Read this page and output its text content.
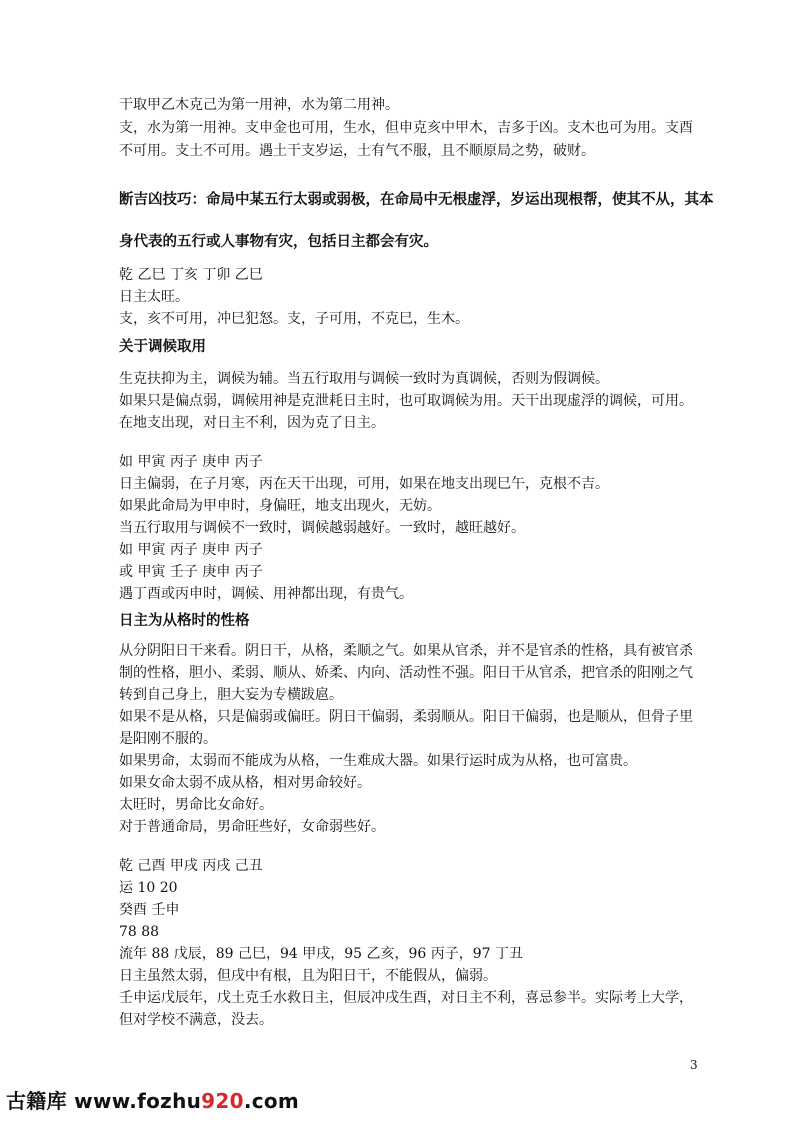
干取甲乙木克己为第一用神，水为第二用神。
支，水为第一用神。支申金也可用，生水，但申克亥中甲木，吉多于凶。支木也可为用。支酉
不可用。支土不可用。遇土干支岁运，土有气不服，且不顺原局之势，破财。
断吉凶技巧：命局中某五行太弱或弱极，在命局中无根虚浮，岁运出现根帮，使其不从，其本
身代表的五行或人事物有灾，包括日主都会有灾。
乾 乙巳 丁亥 丁卯 乙巳
日主太旺。
支，亥不可用，冲巳犯怒。支，子可用，不克巳，生木。
关于调候取用
生克扶抑为主，调候为辅。当五行取用与调候一致时为真调候，否则为假调候。
如果只是偏点弱，调候用神是克泄耗日主时，也可取调候为用。天干出现虚浮的调候，可用。
在地支出现，对日主不利，因为克了日主。
如 甲寅 丙子 庚申 丙子
日主偏弱，在子月寒，丙在天干出现，可用，如果在地支出现巳午，克根不吉。
如果此命局为甲申时，身偏旺，地支出现火，无妨。
当五行取用与调候不一致时，调候越弱越好。一致时，越旺越好。
如 甲寅 丙子 庚申 丙子
或 甲寅 壬子 庚申 丙子
遇丁酉或丙申时，调候、用神都出现，有贵气。
日主为从格时的性格
从分阴阳日干来看。阴日干，从格，柔顺之气。如果从官杀，并不是官杀的性格，具有被官杀
制的性格，胆小、柔弱、顺从、娇柔、内向、活动性不强。阳日干从官杀，把官杀的阳刚之气
转到自己身上，胆大妄为专横跋扈。
如果不是从格，只是偏弱或偏旺。阴日干偏弱，柔弱顺从。阳日干偏弱，也是顺从，但骨子里
是阳刚不服的。
如果男命，太弱而不能成为从格，一生难成大器。如果行运时成为从格，也可富贵。
如果女命太弱不成从格，相对男命较好。
太旺时，男命比女命好。
对于普通命局，男命旺些好，女命弱些好。
乾 己酉 甲戌 丙戌 己丑
运 10 20
癸酉 壬申
78 88
流年 88 戊辰，89 己巳，94 甲戌，95 乙亥，96 丙子，97 丁丑
日主虽然太弱，但戌中有根，且为阳日干，不能假从，偏弱。
壬申运戊辰年，戊土克壬水救日主，但辰冲戌生酉，对日主不利，喜忌参半。实际考上大学，
但对学校不满意，没去。
3
古籍库 www.fozhu920.com
